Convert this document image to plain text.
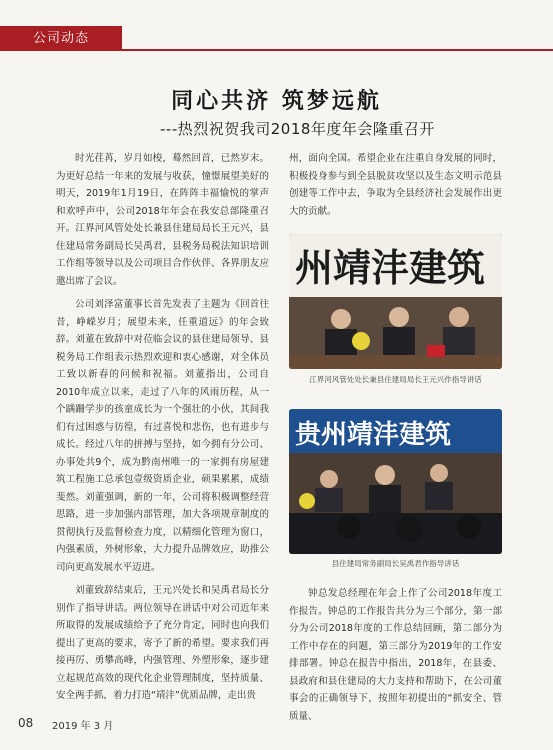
公司动态
同心共济 筑梦远航
---热烈祝贺我司2018年度年会隆重召开

时光荏苒，岁月如梭，蓦然回首，已然岁末。为更好总结一年来的发展与收获，憧憬展望美好的明天，2019年1月19日，在阵阵丰福愉悦的掌声和欢呼声中，公司2018年年会在我安总部隆重召开。江界河风管处处长兼县住建局局长王元兴，县住建局常务副局长吴禹君，县税务局税法知识培训工作组等领导以及公司项目合作伙伴、各界朋友应邀出席了会议。

公司刘泽富董事长首先发表了主题为《回首往昔，峥嵘岁月；展望未来，任重道远》的年会致辞。刘董在致辞中对莅临会议的县住建局领导、县税务局工作组表示热烈欢迎和衷心感谢，对全体员工致以新春的问候和祝福。刘董指出，公司自2010年成立以来，走过了八年的风雨历程，从一个蹒跚学步的孩童成长为一个强壮的小伙，其间我们有过困惑与彷徨，有过喜悦和悲伤，也有进步与成长。经过八年的拼搏与坚持，如今拥有分公司、办事处共9个，成为黔南州唯一的一家拥有房屋建筑工程施工总承包壹级资质企业，硕果累累，成绩斐然。刘董强调，新的一年，公司将积极调整经营思路，进一步加强内部管理，加大各项规章制度的贯彻执行及监督检查力度，以精细化管理为窗口，内强素质，外树形象，大力提升品牌效应，助推公司向更高发展水平迈进。

刘董致辞结束后，王元兴处长和吴禹君局长分别作了指导讲话。两位领导在讲话中对公司近年来所取得的发展成绩给予了充分肯定，同时也向我们提出了更高的要求，寄予了新的希望。要求我们再接再厉、勇攀高峰，内强管理、外塑形象，逐步建立起规范高效的现代化企业管理制度，坚持质量、安全两手抓，着力打造“靖沣”优质品牌，走出贵

州，面向全国。希望企业在注重自身发展的同时，积极投身参与到全县脱贫攻坚以及生态文明示范县创建等工作中去，争取为全县经济社会发展作出更大的贡献。

州靖沣建筑
江界河风管处处长兼县住建局局长王元兴作指导讲话
贵州靖沣建筑
县住建局常务副局长吴禹君作指导讲话

钟总发总经理在年会上作了公司2018年度工作报告。钟总的工作报告共分为三个部分，第一部分为公司2018年度的工作总结回顾，第二部分为工作中存在的问题，第三部分为2019年的工作安排部署。钟总在报告中指出，2018年，在县委、县政府和县住建局的大力支持和帮助下，在公司董事会的正确领导下，按照年初提出的“抓安全、管质量、

08 2019 年 3 月
